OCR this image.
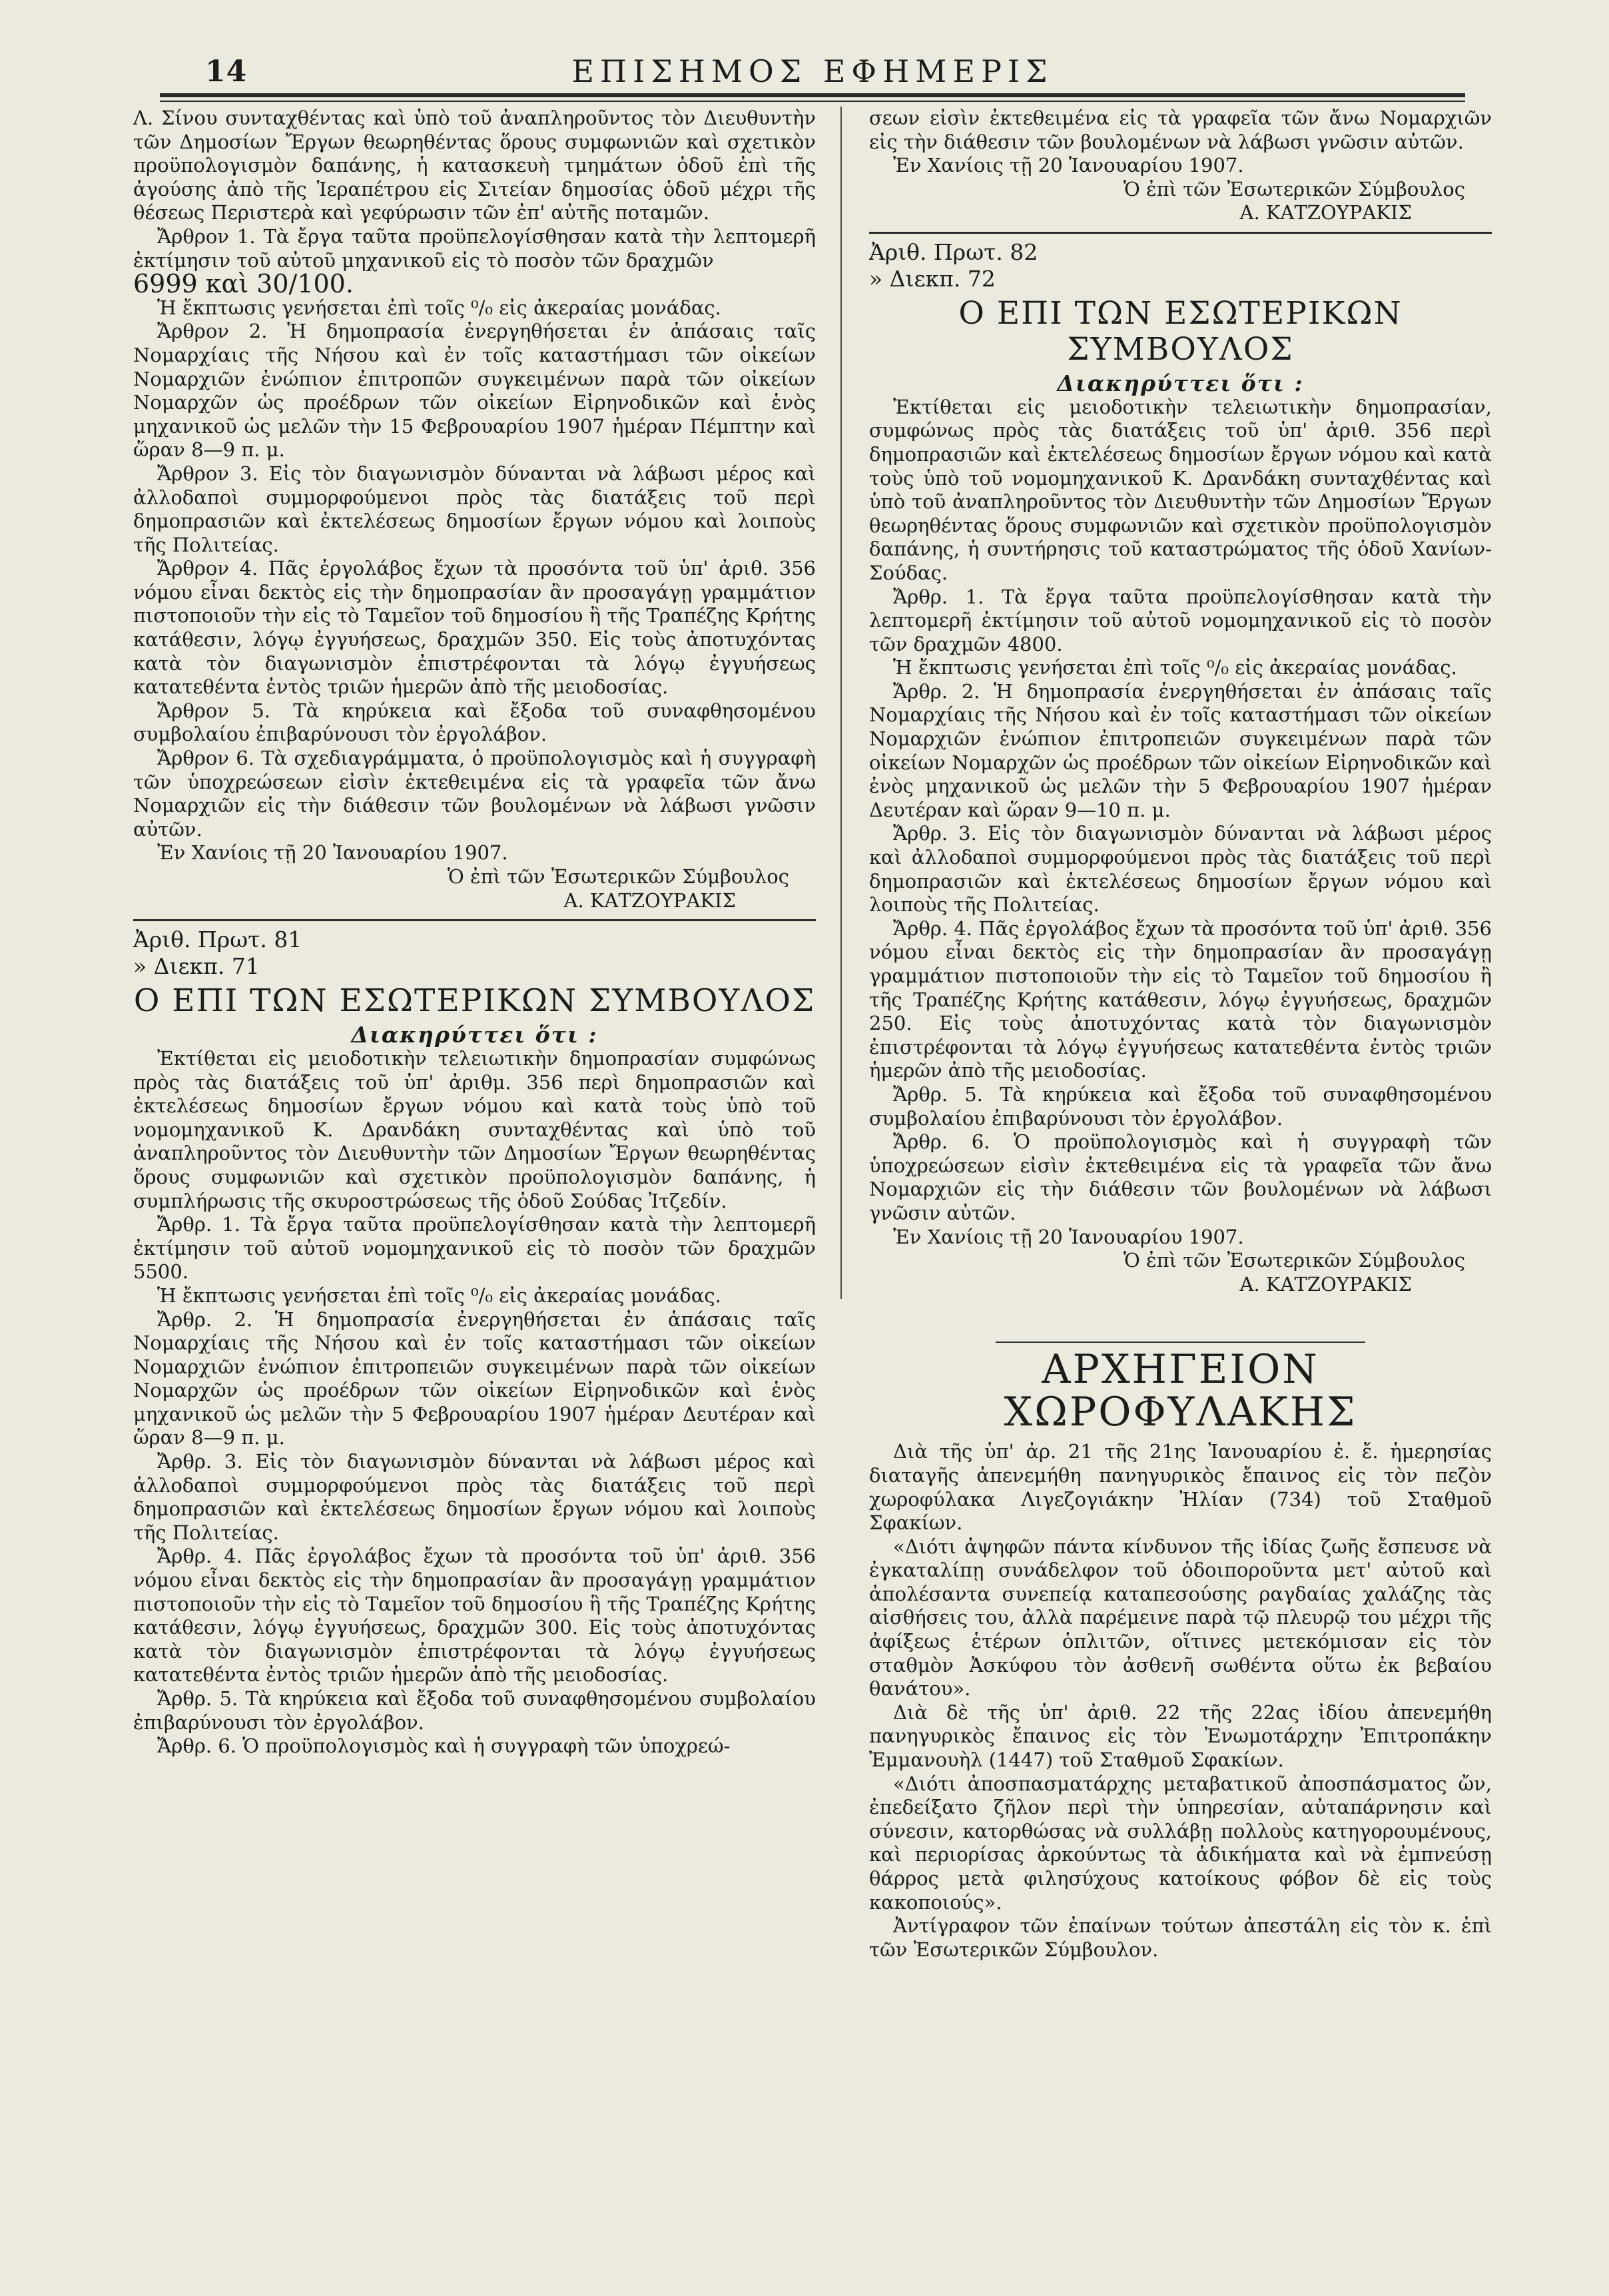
14	ΕΠΙΣΗΜΟΣ ΕΦΗΜΕΡΙΣ

Λ. Σίνου συνταχθέντας καὶ ὑπὸ τοῦ ἀναπληροῦντος τὸν Διευθυντὴν τῶν Δημοσίων Ἔργων θεωρηθέντας ὅρους συμφωνιῶν καὶ σχετικὸν προϋπολογισμὸν δαπάνης, ἡ κατασκευὴ τμημάτων ὁδοῦ ἐπὶ τῆς ἀγούσης ἀπὸ τῆς Ἱεραπέτρου εἰς Σιτείαν δημοσίας ὁδοῦ μέχρι τῆς θέσεως Περιστερὰ καὶ γεφύρωσιν τῶν ἐπ' αὐτῆς ποταμῶν.

Ἄρθρον 1. Τὰ ἔργα ταῦτα προϋπελογίσθησαν κατὰ τὴν λεπτομερῆ ἐκτίμησιν τοῦ αὐτοῦ μηχανικοῦ εἰς τὸ ποσὸν τῶν δραχμῶν

6999 καὶ 30/100.

Ἡ ἔκπτωσις γενήσεται ἐπὶ τοῖς ⁰/₀ εἰς ἀκεραίας μονάδας.

Ἄρθρον 2. Ἡ δημοπρασία ἐνεργηθήσεται ἐν ἁπάσαις ταῖς Νομαρχίαις τῆς Νήσου καὶ ἐν τοῖς καταστήμασι τῶν οἰκείων Νομαρχιῶν ἐνώπιον ἐπιτροπῶν συγκειμένων παρὰ τῶν οἰκείων Νομαρχῶν ὡς προέδρων τῶν οἰκείων Εἰρηνοδικῶν καὶ ἑνὸς μηχανικοῦ ὡς μελῶν τὴν 15 Φεβρουαρίου 1907 ἡμέραν Πέμπτην καὶ ὥραν 8—9 π. μ.

Ἄρθρον 3. Εἰς τὸν διαγωνισμὸν δύνανται νὰ λάβωσι μέρος καὶ ἀλλοδαποὶ συμμορφούμενοι πρὸς τὰς διατάξεις τοῦ περὶ δημοπρασιῶν καὶ ἐκτελέσεως δημοσίων ἔργων νόμου καὶ λοιποὺς τῆς Πολιτείας.

Ἄρθρον 4. Πᾶς ἐργολάβος ἔχων τὰ προσόντα τοῦ ὑπ' ἀριθ. 356 νόμου εἶναι δεκτὸς εἰς τὴν δημοπρασίαν ἂν προσαγάγῃ γραμμάτιον πιστοποιοῦν τὴν εἰς τὸ Ταμεῖον τοῦ δημοσίου ἢ τῆς Τραπέζης Κρήτης κατάθεσιν, λόγῳ ἐγγυήσεως, δραχμῶν 350. Εἰς τοὺς ἀποτυχόντας κατὰ τὸν διαγωνισμὸν ἐπιστρέφονται τὰ λόγῳ ἐγγυήσεως κατατεθέντα ἐντὸς τριῶν ἡμερῶν ἀπὸ τῆς μειοδοσίας.

Ἄρθρον 5. Τὰ κηρύκεια καὶ ἔξοδα τοῦ συναφθησομένου συμβολαίου ἐπιβαρύνουσι τὸν ἐργολάβον.

Ἄρθρον 6. Τὰ σχεδιαγράμματα, ὁ προϋπολογισμὸς καὶ ἡ συγγραφὴ τῶν ὑποχρεώσεων εἰσὶν ἐκτεθειμένα εἰς τὰ γραφεῖα τῶν ἄνω Νομαρχιῶν εἰς τὴν διάθεσιν τῶν βουλομένων νὰ λάβωσι γνῶσιν αὐτῶν.

Ἐν Χανίοις τῇ 20 Ἰανουαρίου 1907.

Ὁ ἐπὶ τῶν Ἐσωτερικῶν Σύμβουλος

Α. ΚΑΤΖΟΥΡΑΚΙΣ

Ἀριθ. Πρωτ. 81

» Διεκπ. 71

Ο ΕΠΙ ΤΩΝ ΕΣΩΤΕΡΙΚΩΝ ΣΥΜΒΟΥΛΟΣ

Διακηρύττει ὅτι :

Ἐκτίθεται εἰς μειοδοτικὴν τελειωτικὴν δημοπρασίαν συμφώνως πρὸς τὰς διατάξεις τοῦ ὑπ' ἀριθμ. 356 περὶ δημοπρασιῶν καὶ ἐκτελέσεως δημοσίων ἔργων νόμου καὶ κατὰ τοὺς ὑπὸ τοῦ νομομηχανικοῦ Κ. Δρανδάκη συνταχθέντας καὶ ὑπὸ τοῦ ἀναπληροῦντος τὸν Διευθυντὴν τῶν Δημοσίων Ἔργων θεωρηθέντας ὅρους συμφωνιῶν καὶ σχετικὸν προϋπολογισμὸν δαπάνης, ἡ συμπλήρωσις τῆς σκυροστρώσεως τῆς ὁδοῦ Σούδας Ἰτζεδίν.

Ἄρθρ. 1. Τὰ ἔργα ταῦτα προϋπελογίσθησαν κατὰ τὴν λεπτομερῆ ἐκτίμησιν τοῦ αὐτοῦ νομομηχανικοῦ εἰς τὸ ποσὸν τῶν δραχμῶν 5500.

Ἡ ἔκπτωσις γενήσεται ἐπὶ τοῖς ⁰/₀ εἰς ἀκεραίας μονάδας.

Ἄρθρ. 2. Ἡ δημοπρασία ἐνεργηθήσεται ἐν ἁπάσαις ταῖς Νομαρχίαις τῆς Νήσου καὶ ἐν τοῖς καταστήμασι τῶν οἰκείων Νομαρχιῶν ἐνώπιον ἐπιτροπειῶν συγκειμένων παρὰ τῶν οἰκείων Νομαρχῶν ὡς προέδρων τῶν οἰκείων Εἰρηνοδικῶν καὶ ἑνὸς μηχανικοῦ ὡς μελῶν τὴν 5 Φεβρουαρίου 1907 ἡμέραν Δευτέραν καὶ ὥραν 8—9 π. μ.

Ἄρθρ. 3. Εἰς τὸν διαγωνισμὸν δύνανται νὰ λάβωσι μέρος καὶ ἀλλοδαποὶ συμμορφούμενοι πρὸς τὰς διατάξεις τοῦ περὶ δημοπρασιῶν καὶ ἐκτελέσεως δημοσίων ἔργων νόμου καὶ λοιποὺς τῆς Πολιτείας.

Ἄρθρ. 4. Πᾶς ἐργολάβος ἔχων τὰ προσόντα τοῦ ὑπ' ἀριθ. 356 νόμου εἶναι δεκτὸς εἰς τὴν δημοπρασίαν ἂν προσαγάγῃ γραμμάτιον πιστοποιοῦν τὴν εἰς τὸ Ταμεῖον τοῦ δημοσίου ἢ τῆς Τραπέζης Κρήτης κατάθεσιν, λόγῳ ἐγγυήσεως, δραχμῶν 300. Εἰς τοὺς ἀποτυχόντας κατὰ τὸν διαγωνισμὸν ἐπιστρέφονται τὰ λόγῳ ἐγγυήσεως κατατεθέντα ἐντὸς τριῶν ἡμερῶν ἀπὸ τῆς μειοδοσίας.

Ἄρθρ. 5. Τὰ κηρύκεια καὶ ἔξοδα τοῦ συναφθησομένου συμβολαίου ἐπιβαρύνουσι τὸν ἐργολάβον.

Ἄρθρ. 6. Ὁ προϋπολογισμὸς καὶ ἡ συγγραφὴ τῶν ὑποχρεώ-

σεων εἰσὶν ἐκτεθειμένα εἰς τὰ γραφεῖα τῶν ἄνω Νομαρχιῶν εἰς τὴν διάθεσιν τῶν βουλομένων νὰ λάβωσι γνῶσιν αὐτῶν.

Ἐν Χανίοις τῇ 20 Ἰανουαρίου 1907.

Ὁ ἐπὶ τῶν Ἐσωτερικῶν Σύμβουλος

Α. ΚΑΤΖΟΥΡΑΚΙΣ

Ἀριθ. Πρωτ. 82

» Διεκπ. 72

Ο ΕΠΙ ΤΩΝ ΕΣΩΤΕΡΙΚΩΝ ΣΥΜΒΟΥΛΟΣ

Διακηρύττει ὅτι :

Ἐκτίθεται εἰς μειοδοτικὴν τελειωτικὴν δημοπρασίαν, συμφώνως πρὸς τὰς διατάξεις τοῦ ὑπ' ἀριθ. 356 περὶ δημοπρασιῶν καὶ ἐκτελέσεως δημοσίων ἔργων νόμου καὶ κατὰ τοὺς ὑπὸ τοῦ νομομηχανικοῦ Κ. Δρανδάκη συνταχθέντας καὶ ὑπὸ τοῦ ἀναπληροῦντος τὸν Διευθυντὴν τῶν Δημοσίων Ἔργων θεωρηθέντας ὅρους συμφωνιῶν καὶ σχετικὸν προϋπολογισμὸν δαπάνης, ἡ συντήρησις τοῦ καταστρώματος τῆς ὁδοῦ Χανίων-Σούδας.

Ἄρθρ. 1. Τὰ ἔργα ταῦτα προϋπελογίσθησαν κατὰ τὴν λεπτομερῆ ἐκτίμησιν τοῦ αὐτοῦ νομομηχανικοῦ εἰς τὸ ποσὸν τῶν δραχμῶν 4800.

Ἡ ἔκπτωσις γενήσεται ἐπὶ τοῖς ⁰/₀ εἰς ἀκεραίας μονάδας.

Ἄρθρ. 2. Ἡ δημοπρασία ἐνεργηθήσεται ἐν ἁπάσαις ταῖς Νομαρχίαις τῆς Νήσου καὶ ἐν τοῖς καταστήμασι τῶν οἰκείων Νομαρχιῶν ἐνώπιον ἐπιτροπειῶν συγκειμένων παρὰ τῶν οἰκείων Νομαρχῶν ὡς προέδρων τῶν οἰκείων Εἰρηνοδικῶν καὶ ἑνὸς μηχανικοῦ ὡς μελῶν τὴν 5 Φεβρουαρίου 1907 ἡμέραν Δευτέραν καὶ ὥραν 9—10 π. μ.

Ἄρθρ. 3. Εἰς τὸν διαγωνισμὸν δύνανται νὰ λάβωσι μέρος καὶ ἀλλοδαποὶ συμμορφούμενοι πρὸς τὰς διατάξεις τοῦ περὶ δημοπρασιῶν καὶ ἐκτελέσεως δημοσίων ἔργων νόμου καὶ λοιποὺς τῆς Πολιτείας.

Ἄρθρ. 4. Πᾶς ἐργολάβος ἔχων τὰ προσόντα τοῦ ὑπ' ἀριθ. 356 νόμου εἶναι δεκτὸς εἰς τὴν δημοπρασίαν ἂν προσαγάγῃ γραμμάτιον πιστοποιοῦν τὴν εἰς τὸ Ταμεῖον τοῦ δημοσίου ἢ τῆς Τραπέζης Κρήτης κατάθεσιν, λόγῳ ἐγγυήσεως, δραχμῶν 250. Εἰς τοὺς ἀποτυχόντας κατὰ τὸν διαγωνισμὸν ἐπιστρέφονται τὰ λόγῳ ἐγγυήσεως κατατεθέντα ἐντὸς τριῶν ἡμερῶν ἀπὸ τῆς μειοδοσίας.

Ἄρθρ. 5. Τὰ κηρύκεια καὶ ἔξοδα τοῦ συναφθησομένου συμβολαίου ἐπιβαρύνουσι τὸν ἐργολάβον.

Ἄρθρ. 6. Ὁ προϋπολογισμὸς καὶ ἡ συγγραφὴ τῶν ὑποχρεώσεων εἰσὶν ἐκτεθειμένα εἰς τὰ γραφεῖα τῶν ἄνω Νομαρχιῶν εἰς τὴν διάθεσιν τῶν βουλομένων νὰ λάβωσι γνῶσιν αὐτῶν.

Ἐν Χανίοις τῇ 20 Ἰανουαρίου 1907.

Ὁ ἐπὶ τῶν Ἐσωτερικῶν Σύμβουλος

Α. ΚΑΤΖΟΥΡΑΚΙΣ

ΑΡΧΗΓΕΙΟΝ ΧΩΡΟΦΥΛΑΚΗΣ

Διὰ τῆς ὑπ' ἀρ. 21 τῆς 21ης Ἰανουαρίου ἐ. ἔ. ἡμερησίας διαταγῆς ἀπενεμήθη πανηγυρικὸς ἔπαινος εἰς τὸν πεζὸν χωροφύλακα Λιγεζογιάκην Ἠλίαν (734) τοῦ Σταθμοῦ Σφακίων.

«Διότι ἀψηφῶν πάντα κίνδυνον τῆς ἰδίας ζωῆς ἔσπευσε νὰ ἐγκαταλίπῃ συνάδελφον τοῦ ὁδοιποροῦντα μετ' αὐτοῦ καὶ ἀπολέσαντα συνεπείᾳ καταπεσούσης ραγδαίας χαλάζης τὰς αἰσθήσεις του, ἀλλὰ παρέμεινε παρὰ τῷ πλευρῷ του μέχρι τῆς ἀφίξεως ἑτέρων ὁπλιτῶν, οἵτινες μετεκόμισαν εἰς τὸν σταθμὸν Ἀσκύφου τὸν ἀσθενῆ σωθέντα οὕτω ἐκ βεβαίου θανάτου».

Διὰ δὲ τῆς ὑπ' ἀριθ. 22 τῆς 22ας ἰδίου ἀπενεμήθη πανηγυρικὸς ἔπαινος εἰς τὸν Ἐνωμοτάρχην Ἐπιτροπάκην Ἐμμανουὴλ (1447) τοῦ Σταθμοῦ Σφακίων.

«Διότι ἀποσπασματάρχης μεταβατικοῦ ἀποσπάσματος ὤν, ἐπεδείξατο ζῆλον περὶ τὴν ὑπηρεσίαν, αὐταπάρνησιν καὶ σύνεσιν, κατορθώσας νὰ συλλάβῃ πολλοὺς κατηγορουμένους, καὶ περιορίσας ἀρκούντως τὰ ἀδικήματα καὶ νὰ ἐμπνεύσῃ θάρρος μετὰ φιλησύχους κατοίκους φόβον δὲ εἰς τοὺς κακοποιούς».

Ἀντίγραφον τῶν ἐπαίνων τούτων ἀπεστάλη εἰς τὸν κ. ἐπὶ τῶν Ἐσωτερικῶν Σύμβουλον.
